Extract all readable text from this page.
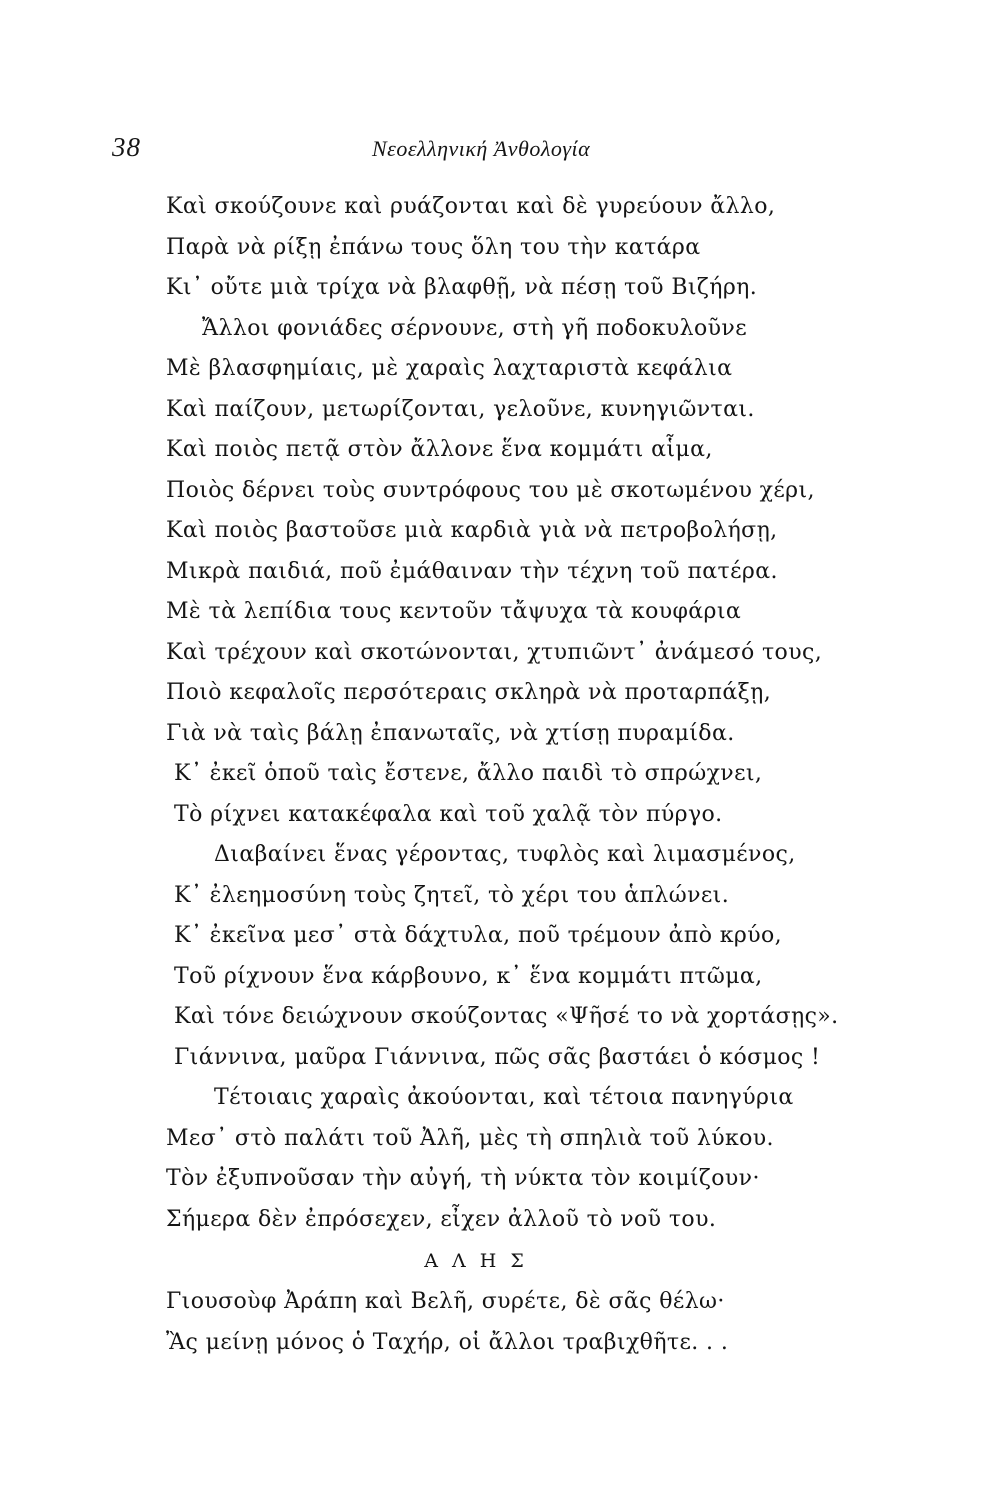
38	Νεοελληνική Ἀνθολογία
Καὶ σκούζουνε καὶ ρυάζονται καὶ δὲ γυρεύουν ἄλλο,
Παρὰ νὰ ρίξῃ ἐπάνω τους ὅλη του τὴν κατάρα
Κι᾿ οὔτε μιὰ τρίχα νὰ βλαφθῇ, νὰ πέσῃ τοῦ Βιζήρη.
Ἄλλοι φονιάδες σέρνουνε, στὴ γῆ ποδοκυλοῦνε
Μὲ βλασφημίαις, μὲ χαραὶς λαχταριστὰ κεφάλια
Καὶ παίζουν, μετωρίζονται, γελοῦνε, κυνηγιῶνται.
Καὶ ποιὸς πετᾷ στὸν ἄλλονε ἕνα κομμάτι αἷμα,
Ποιὸς δέρνει τοὺς συντρόφους του μὲ σκοτωμένου χέρι,
Καὶ ποιὸς βαστοῦσε μιὰ καρδιὰ γιὰ νὰ πετροβολήσῃ,
Μικρὰ παιδιά, ποῦ ἐμάθαιναν τὴν τέχνη τοῦ πατέρα.
Μὲ τὰ λεπίδια τους κεντοῦν τἄψυχα τὰ κουφάρια
Καὶ τρέχουν καὶ σκοτώνονται, χτυπιῶντ᾿ ἀνάμεσό τους,
Ποιὸ κεφαλοῖς περσότεραις σκληρὰ νὰ προταρπάξῃ,
Γιὰ νὰ ταὶς βάλῃ ἐπανωταῖς, νὰ χτίσῃ πυραμίδα.
Κ᾿ ἐκεῖ ὁποῦ ταὶς ἔστενε, ἄλλο παιδὶ τὸ σπρώχνει,
Τὸ ρίχνει κατακέφαλα καὶ τοῦ χαλᾷ τὸν πύργο.
Διαβαίνει ἕνας γέροντας, τυφλὸς καὶ λιμασμένος,
Κ᾿ ἐλεημοσύνη τοὺς ζητεῖ, τὸ χέρι του ἁπλώνει.
Κ᾿ ἐκεῖνα μεσ᾿ στὰ δάχτυλα, ποῦ τρέμουν ἀπὸ κρύο,
Τοῦ ρίχνουν ἕνα κάρβουνο, κ᾿ ἕνα κομμάτι πτῶμα,
Καὶ τόνε δειώχνουν σκούζοντας «Ψῆσέ το νὰ χορτάσῃς».
Γιάννινα, μαῦρα Γιάννινα, πῶς σᾶς βαστάει ὁ κόσμος !
Τέτοιαις χαραὶς ἀκούονται, καὶ τέτοια πανηγύρια
Μεσ᾿ στὸ παλάτι τοῦ Ἀλῆ, μὲς τὴ σπηλιὰ τοῦ λύκου.
Τὸν ἐξυπνοῦσαν τὴν αὐγή, τὴ νύκτα τὸν κοιμίζουν·
Σήμερα δὲν ἐπρόσεχεν, εἶχεν ἀλλοῦ τὸ νοῦ του.
Α Λ Η Σ
Γιουσοὺφ Ἀράπη καὶ Βελῆ, συρέτε, δὲ σᾶς θέλω·
Ἂς μείνῃ μόνος ὁ Ταχήρ, οἱ ἄλλοι τραβιχθῆτε. . .
